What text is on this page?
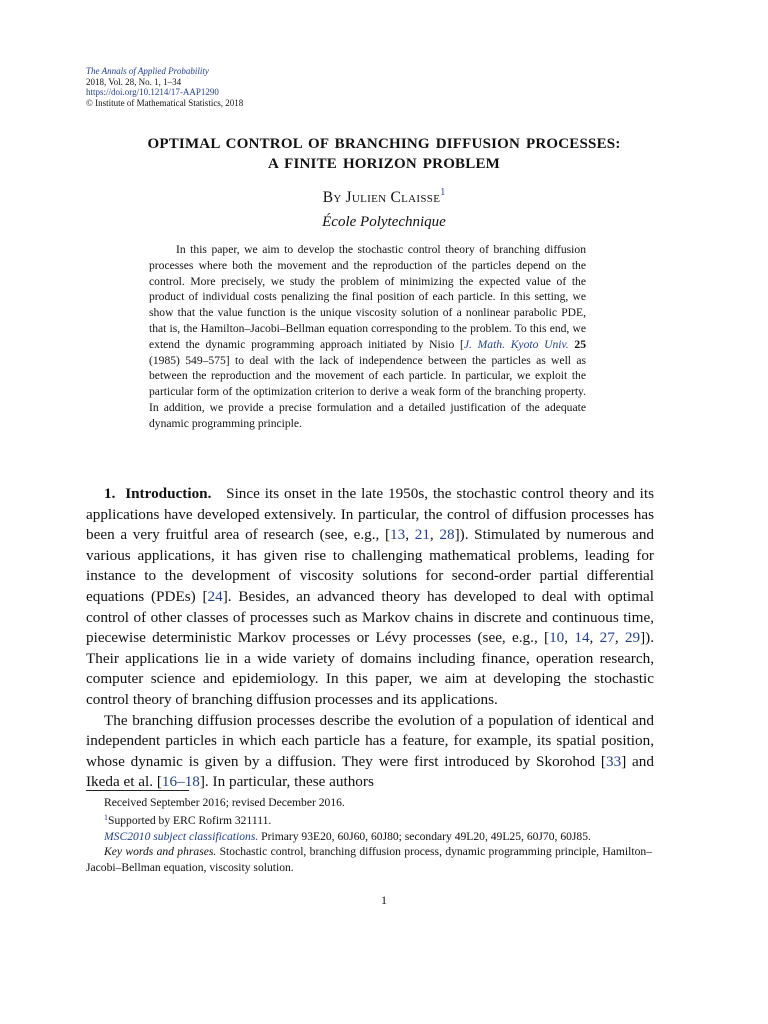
The Annals of Applied Probability
2018, Vol. 28, No. 1, 1–34
https://doi.org/10.1214/17-AAP1290
© Institute of Mathematical Statistics, 2018
OPTIMAL CONTROL OF BRANCHING DIFFUSION PROCESSES:
A FINITE HORIZON PROBLEM
By Julien Claisse$^1$
École Polytechnique

In this paper, we aim to develop the stochastic control theory of branching diffusion processes where both the movement and the reproduction of the particles depend on the control. More precisely, we study the problem of minimizing the expected value of the product of individual costs penalizing the final position of each particle. In this setting, we show that the value function is the unique viscosity solution of a nonlinear parabolic PDE, that is, the Hamilton–Jacobi–Bellman equation corresponding to the problem. To this end, we extend the dynamic programming approach initiated by Nisio [J. Math. Kyoto Univ. 25 (1985) 549–575] to deal with the lack of independence between the particles as well as between the reproduction and the movement of each particle. In particular, we exploit the particular form of the optimization criterion to derive a weak form of the branching property. In addition, we provide a precise formulation and a detailed justification of the adequate dynamic programming principle.

1. Introduction. Since its onset in the late 1950s, the stochastic control theory and its applications have developed extensively. In particular, the control of diffusion processes has been a very fruitful area of research (see, e.g., [13, 21, 28]). Stimulated by numerous and various applications, it has given rise to challenging mathematical problems, leading for instance to the development of viscosity solutions for second-order partial differential equations (PDEs) [24]. Besides, an advanced theory has developed to deal with optimal control of other classes of processes such as Markov chains in discrete and continuous time, piecewise deterministic Markov processes or Lévy processes (see, e.g., [10, 14, 27, 29]). Their applications lie in a wide variety of domains including finance, operation research, computer science and epidemiology. In this paper, we aim at developing the stochastic control theory of branching diffusion processes and its applications.

The branching diffusion processes describe the evolution of a population of identical and independent particles in which each particle has a feature, for example, its spatial position, whose dynamic is given by a diffusion. They were first introduced by Skorohod [33] and Ikeda et al. [16–18]. In particular, these authors

Received September 2016; revised December 2016.

$^1$Supported by ERC Rofirm 321111.

MSC2010 subject classifications. Primary 93E20, 60J60, 60J80; secondary 49L20, 49L25, 60J70, 60J85.

Key words and phrases. Stochastic control, branching diffusion process, dynamic programming principle, Hamilton–Jacobi–Bellman equation, viscosity solution.

1
